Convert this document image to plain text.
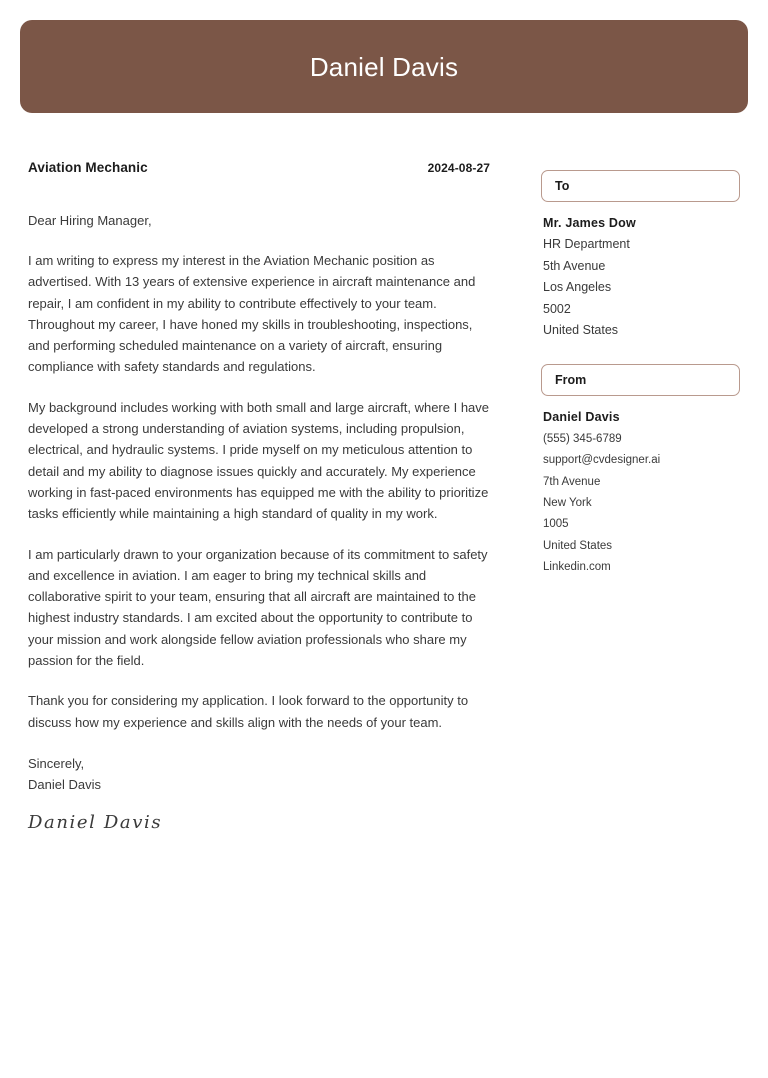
Daniel Davis
Aviation Mechanic	2024-08-27
Dear Hiring Manager,
I am writing to express my interest in the Aviation Mechanic position as advertised. With 13 years of extensive experience in aircraft maintenance and repair, I am confident in my ability to contribute effectively to your team. Throughout my career, I have honed my skills in troubleshooting, inspections, and performing scheduled maintenance on a variety of aircraft, ensuring compliance with safety standards and regulations.
My background includes working with both small and large aircraft, where I have developed a strong understanding of aviation systems, including propulsion, electrical, and hydraulic systems. I pride myself on my meticulous attention to detail and my ability to diagnose issues quickly and accurately. My experience working in fast-paced environments has equipped me with the ability to prioritize tasks efficiently while maintaining a high standard of quality in my work.
I am particularly drawn to your organization because of its commitment to safety and excellence in aviation. I am eager to bring my technical skills and collaborative spirit to your team, ensuring that all aircraft are maintained to the highest industry standards. I am excited about the opportunity to contribute to your mission and work alongside fellow aviation professionals who share my passion for the field.
Thank you for considering my application. I look forward to the opportunity to discuss how my experience and skills align with the needs of your team.
Sincerely,
Daniel Davis
Daniel Davis
To
Mr. James Dow
HR Department
5th Avenue
Los Angeles
5002
United States
From
Daniel Davis
(555) 345-6789
support@cvdesigner.ai
7th Avenue
New York
1005
United States
Linkedin.com
